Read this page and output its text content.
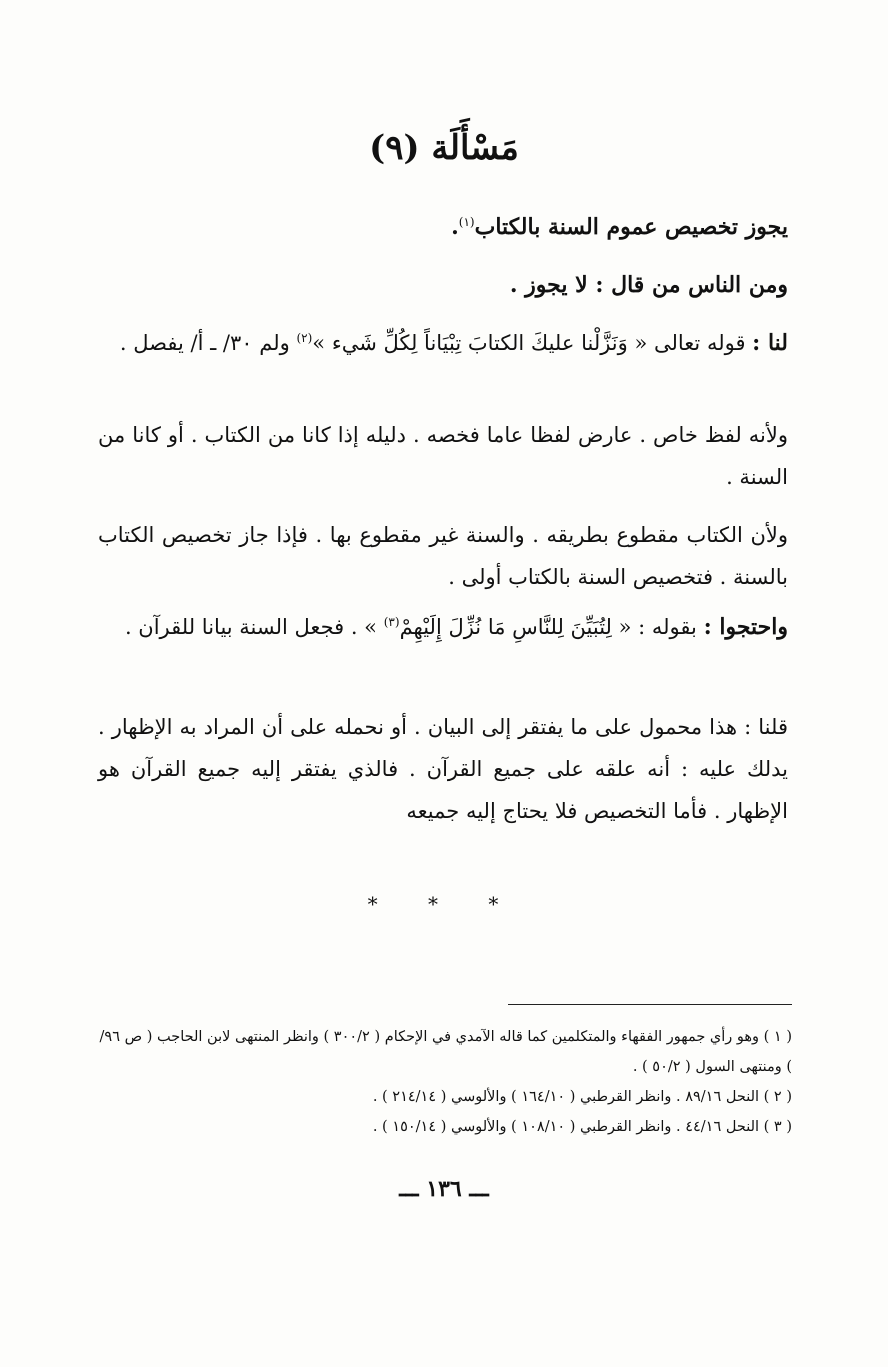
مَسْأَلَة (٩)
يجوز تخصيص عموم السنة بالكتاب$^{(١)}$.
ومن الناس من قال : لا يجوز .
لنا : قوله تعالى « وَنَزَّلْنا عليكَ الكتابَ تِبْيَاناً لِكُلِّ شَيء »$^{(٢)}$ ولم ٣٠/ ـ أ/ يفصل .
ولأنه لفظ خاص . عارض لفظا عاما فخصه . دليله إذا كانا من الكتاب . أو كانا من السنة .
ولأن الكتاب مقطوع بطريقه . والسنة غير مقطوع بها . فإذا جاز تخصيص الكتاب بالسنة . فتخصيص السنة بالكتاب أولى .
واحتجوا : بقوله : « لِتُبَيِّنَ لِلنَّاسِ مَا نُزِّلَ إِلَيْهِمْ$^{(٣)}$ » . فجعل السنة بيانا للقرآن .
قلنا : هذا محمول على ما يفتقر إلى البيان . أو نحمله على أن المراد به الإظهار . يدلك عليه : أنه علقه على جميع القرآن . فالذي يفتقر إليه جميع القرآن هو الإظهار . فأما التخصيص فلا يحتاج إليه جميعه
* * *

( ١ ) وهو رأي جمهور الفقهاء والمتكلمين كما قاله الآمدي في الإحكام ( ٣٠٠/٢ ) وانظر المنتهى لابن الحاجب ( ص ٩٦/ ) ومنتهى السول ( ٥٠/٢ ) .

( ٢ ) النحل ٨٩/١٦ . وانظر القرطبي ( ١٦٤/١٠ ) والألوسي ( ٢١٤/١٤ ) .

( ٣ ) النحل ٤٤/١٦ . وانظر القرطبي ( ١٠٨/١٠ ) والألوسي ( ١٥٠/١٤ ) .

ـــ ١٣٦ ـــ
